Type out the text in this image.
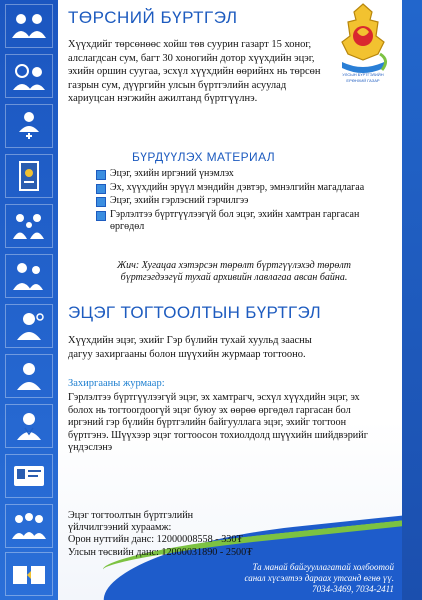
ТӨРСНИЙ БҮРТГЭЛ
УЛСЫН БҮРТГЭЛИЙН
ЕРӨНХИЙ ГАЗАР
Хүүхдийг төрсөнөөс хойш төв суурин газарт 15 хоног, алслагдсан сум, багт 30 хоногийн дотор хүүхдийн эцэг, эхийн оршин суугаа, эсхүл хүүхдийн өөрийнх нь төрсөн газрын сум, дүүргийн улсын бүртгэлийн асуулад хариуцсан нэгжийн ажилтанд бүртгүүлнэ.
БҮРДҮҮЛЭХ МАТЕРИАЛ
Эцэг, эхийн иргэний үнэмлэх
Эх, хүүхдийн эрүүл мэндийн дэвтэр, эмнэлгийн магадлагаа
Эцэг, эхийн гэрлэсний гэрчилгээ
Гэрлэлтээ бүртгүүлээгүй бол эцэг, эхийн хамтран гаргасан өргөдөл
Жич: Хугацаа хэтэрсэн төрөлт бүртгүүлэхэд төрөлт бүртгэгдээгүй тухай архивийн лавлагаа авсан байна.
ЭЦЭГ ТОГТООЛТЫН БҮРТГЭЛ
Хүүхдийн эцэг, эхийг Гэр бүлийн тухай хуульд заасны дагуу захиргааны болон шүүхийн журмаар тогтооно.
Захиргааны журмаар:
Гэрлэлтээ бүртгүүлээгүй эцэг, эх хамтрагч, эсхүл хүүхдийн эцэг, эх болох нь тогтоогдоогүй эцэг буюу эх өөрөө өргөдөл гаргасан бол иргэний гэр бүлийн бүртгэлийн байгууллага эцэг, эхийг тогтоон бүртгэнэ. Шүүхээр эцэг тогтоосон тохиолдолд шүүхийн шийдвэрийг үндэслэнэ
Эцэг тогтоолтын бүртгэлийн
үйлчилгээний хураамж:
Орон нутгийн данс: 12000008558 - 330₮
Улсын төсвийн данс: 12000031890 - 2500₮
Та манай байгууллагатай холбоотой
санал хүсэлтээ дараах утсанд өгнө үү.
7034-3469, 7034-2411
